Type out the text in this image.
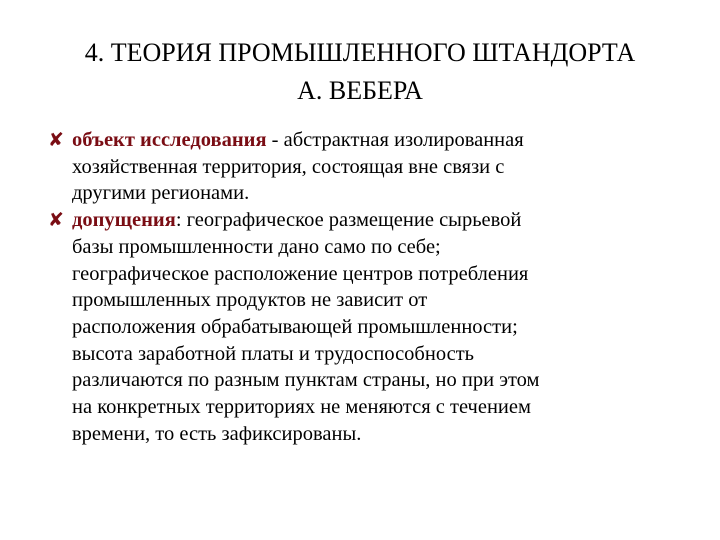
4. ТЕОРИЯ ПРОМЫШЛЕННОГО ШТАНДОРТА
А. ВЕБЕРА
✘ объект исследования - абстрактная изолированная
хозяйственная территория, состоящая вне связи с
другими регионами.
✘ допущения: географическое размещение сырьевой
базы промышленности дано само по себе;
географическое расположение центров потребления
промышленных продуктов не зависит от
расположения обрабатывающей промышленности;
высота заработной платы и трудоспособность
различаются по разным пунктам страны, но при этом
на конкретных территориях не меняются с течением
времени, то есть зафиксированы.
